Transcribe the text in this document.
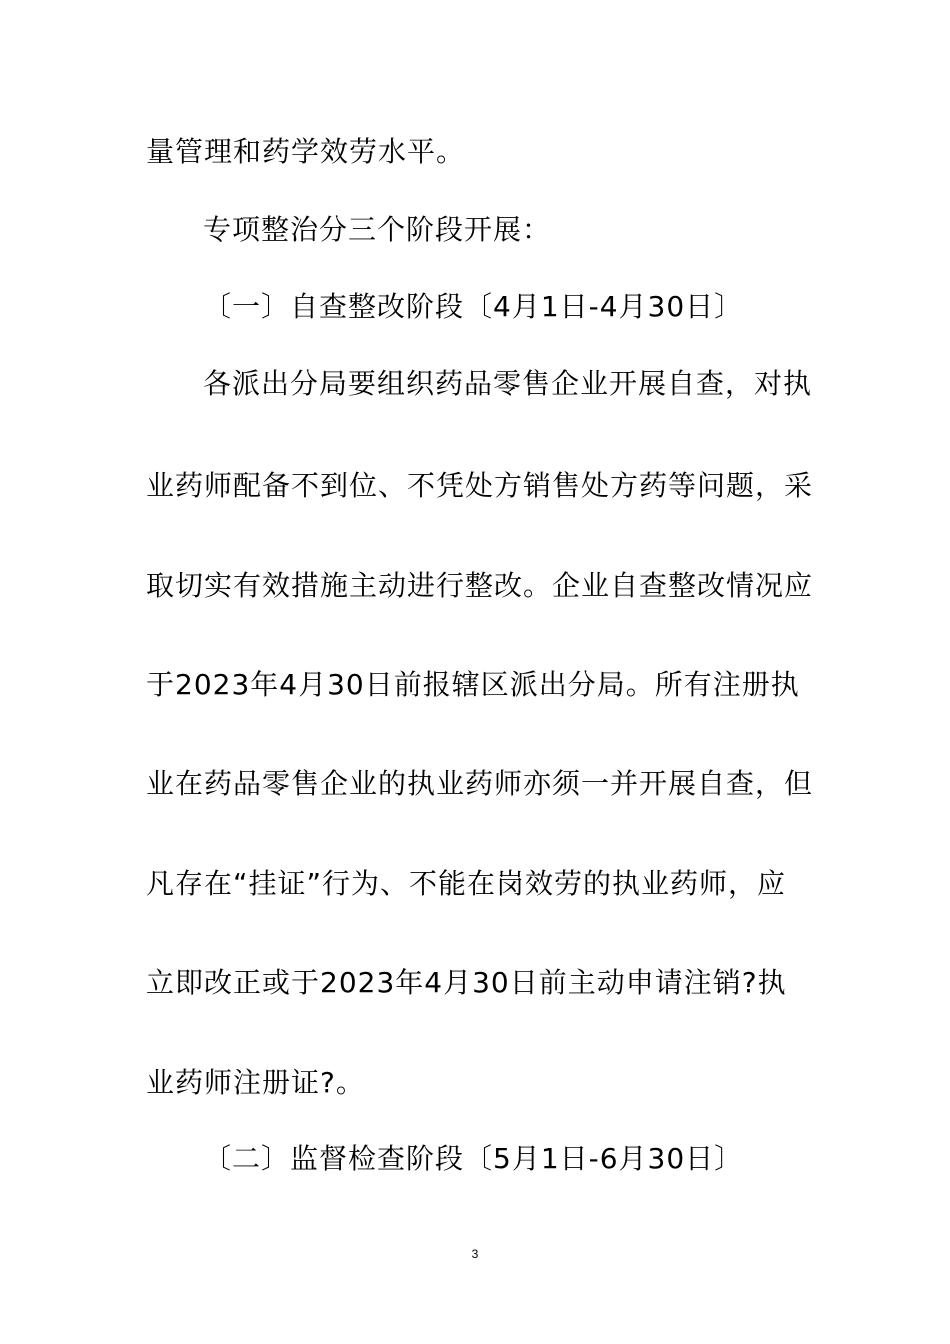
量管理和药学效劳水平。
专项整治分三个阶段开展：
〔一〕自查整改阶段〔4月1日-4月30日〕
各派出分局要组织药品零售企业开展自查，对执
业药师配备不到位、不凭处方销售处方药等问题，采
取切实有效措施主动进行整改。企业自查整改情况应
于2023年4月30日前报辖区派出分局。所有注册执
业在药品零售企业的执业药师亦须一并开展自查，但
凡存在“挂证”行为、不能在岗效劳的执业药师，应
立即改正或于2023年4月30日前主动申请注销?执
业药师注册证?。
〔二〕监督检查阶段〔5月1日-6月30日〕
3
